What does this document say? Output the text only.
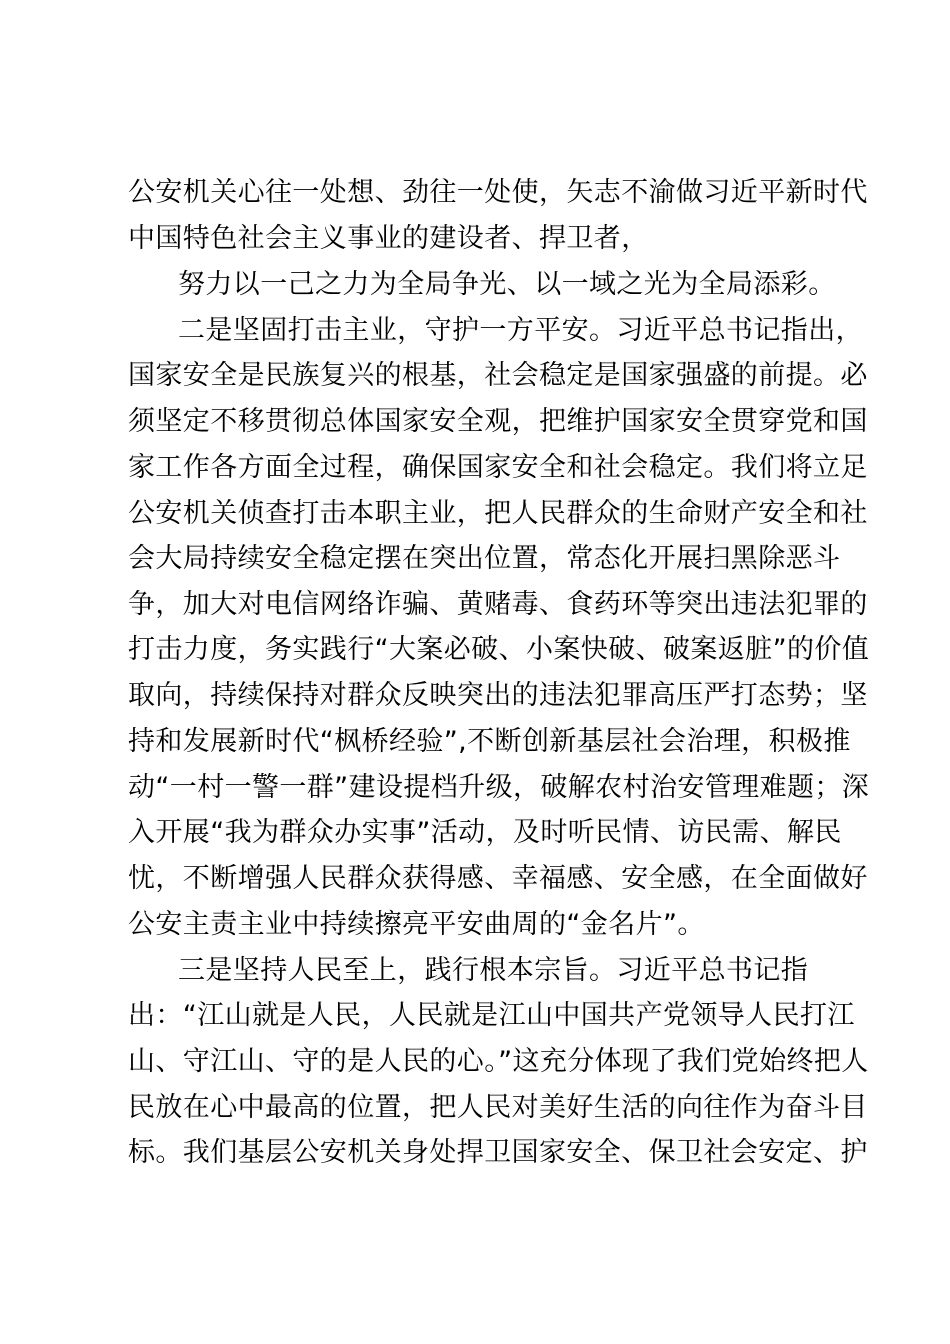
公安机关心往一处想、劲往一处使，矢志不渝做习近平新时代
中国特色社会主义事业的建设者、捍卫者，
努力以一己之力为全局争光、以一域之光为全局添彩。
二是坚固打击主业，守护一方平安。习近平总书记指出，
国家安全是民族复兴的根基，社会稳定是国家强盛的前提。必
须坚定不移贯彻总体国家安全观，把维护国家安全贯穿党和国
家工作各方面全过程，确保国家安全和社会稳定。我们将立足
公安机关侦查打击本职主业，把人民群众的生命财产安全和社
会大局持续安全稳定摆在突出位置，常态化开展扫黑除恶斗
争，加大对电信网络诈骗、黄赌毒、食药环等突出违法犯罪的
打击力度，务实践行“大案必破、小案快破、破案返脏”的价值
取向，持续保持对群众反映突出的违法犯罪高压严打态势；坚
持和发展新时代“枫桥经验”,不断创新基层社会治理，积极推
动“一村一警一群”建设提档升级，破解农村治安管理难题；深
入开展“我为群众办实事”活动，及时听民情、访民需、解民
忧，不断增强人民群众获得感、幸福感、安全感，在全面做好
公安主责主业中持续擦亮平安曲周的“金名片”。
三是坚持人民至上，践行根本宗旨。习近平总书记指
出：“江山就是人民，人民就是江山中国共产党领导人民打江
山、守江山、守的是人民的心。”这充分体现了我们党始终把人
民放在心中最高的位置，把人民对美好生活的向往作为奋斗目
标。我们基层公安机关身处捍卫国家安全、保卫社会安定、护
